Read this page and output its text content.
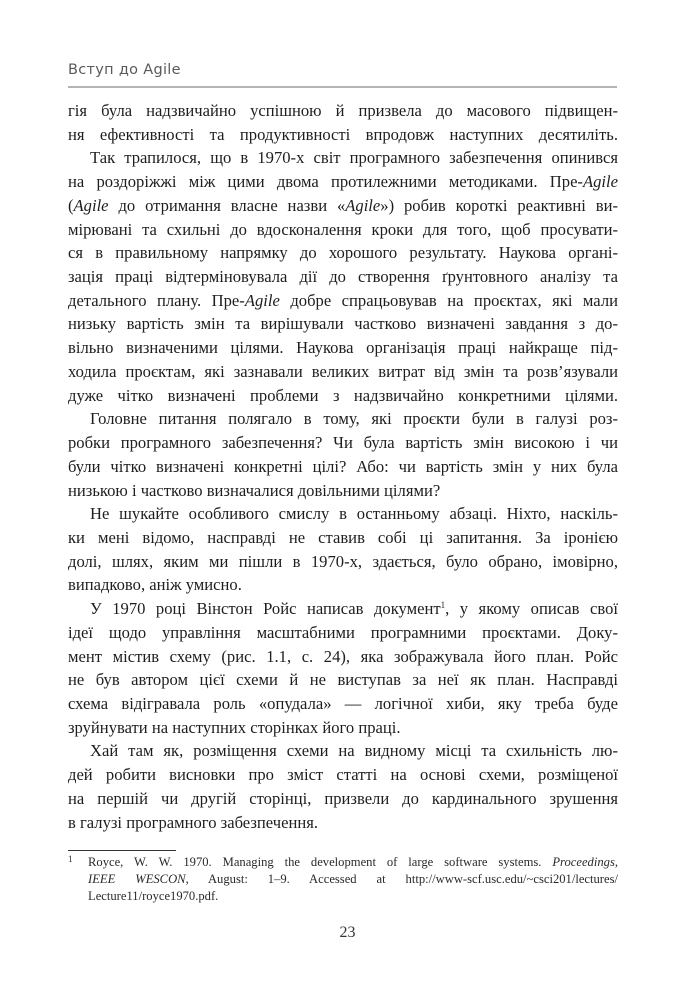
Вступ до Agile
гія була надзвичайно успішною й призвела до масового підвищен-
ня ефективності та продуктивності впродовж наступних десятиліть.
Так трапилося, що в 1970-х світ програмного забезпечення опинився
на роздоріжжі між цими двома протилежними методиками. Пре-Agile
(Agile до отримання власне назви «Agile») робив короткі реактивні ви-
мірювані та схильні до вдосконалення кроки для того, щоб просувати-
ся в правильному напрямку до хорошого результату. Наукова органі-
зація праці відтерміновувала дії до створення ґрунтовного аналізу та
детального плану. Пре-Agile добре спрацьовував на проєктах, які мали
низьку вартість змін та вирішували частково визначені завдання з до-
вільно визначеними цілями. Наукова організація праці найкраще під-
ходила проєктам, які зазнавали великих витрат від змін та розв’язували
дуже чітко визначені проблеми з надзвичайно конкретними цілями.
Головне питання полягало в тому, які проєкти були в галузі роз-
робки програмного забезпечення? Чи була вартість змін високою і чи
були чітко визначені конкретні цілі? Або: чи вартість змін у них була
низькою і частково визначалися довільними цілями?
Не шукайте особливого смислу в останньому абзаці. Ніхто, наскіль-
ки мені відомо, насправді не ставив собі ці запитання. За іронією
долі, шлях, яким ми пішли в 1970-х, здається, було обрано, імовірно,
випадково, аніж умисно.
У 1970 році Вінстон Ройс написав документ$^1$, у якому описав свої
ідеї щодо управління масштабними програмними проєктами. Доку-
мент містив схему (рис. 1.1, с. 24), яка зображувала його план. Ройс
не був автором цієї схеми й не виступав за неї як план. Насправді
схема відігравала роль «опудала» — логічної хиби, яку треба буде
зруйнувати на наступних сторінках його праці.
Хай там як, розміщення схеми на видному місці та схильність лю-
дей робити висновки про зміст статті на основі схеми, розміщеної
на першій чи другій сторінці, призвели до кардинального зрушення
в галузі програмного забезпечення.
1 Royce, W. W. 1970. Managing the development of large software systems. Proceedings,
IEEE WESCON, August: 1–9. Accessed at http://www-scf.usc.edu/~csci201/lectures/
Lecture11/royce1970.pdf.
23
